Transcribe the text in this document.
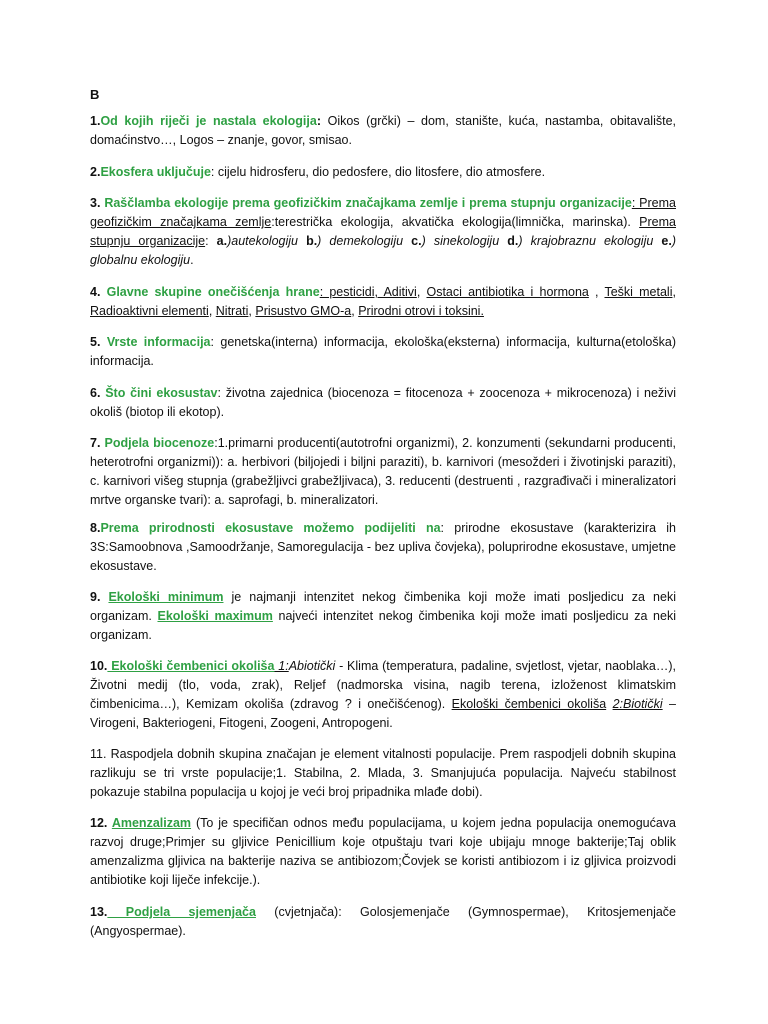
B

1.Od kojih riječi je nastala ekologija: Oikos (grčki) – dom, stanište, kuća, nastamba, obitavalište, domaćinstvo…, Logos – znanje, govor, smisao.

2.Ekosfera uključuje: cijelu hidrosferu, dio pedosfere, dio litosfere, dio atmosfere.

3. Raščlamba ekologije prema geofizičkim značajkama zemlje i prema stupnju organizacije: Prema geofizičkim značajkama zemlje:terestrička ekologija, akvatička ekologija(limnička, marinska). Prema stupnju organizacije: a.)autekologiju b.) demekologiju c.) sinekologiju d.) krajobraznu ekologiju e.) globalnu ekologiju.

4. Glavne skupine onečišćenja hrane: pesticidi, Aditivi, Ostaci antibiotika i hormona , Teški metali, Radioaktivni elementi, Nitrati, Prisustvo GMO-a, Prirodni otrovi i toksini.

5. Vrste informacija: genetska(interna) informacija, ekološka(eksterna) informacija, kulturna(etološka) informacija.

6. Što čini ekosustav: životna zajednica (biocenoza = fitocenoza + zoocenoza + mikrocenoza) i neživi okoliš (biotop ili ekotop).

7. Podjela biocenoze:1.primarni producenti(autotrofni organizmi), 2. konzumenti (sekundarni producenti, heterotrofni organizmi)): a. herbivori (biljojedi i biljni paraziti), b. karnivori (mesožderi i životinjski paraziti), c. karnivori višeg stupnja (grabežljivci grabežljivaca), 3. reducenti (destruenti , razgrađivači i mineralizatori mrtve organske tvari): a. saprofagi, b. mineralizatori.

8.Prema prirodnosti ekosustave možemo podijeliti na: prirodne ekosustave (karakterizira ih 3S:Samoobnova ,Samoodržanje, Samoregulacija - bez upliva čovjeka), poluprirodne ekosustave, umjetne ekosustave.

9. Ekološki minimum je najmanji intenzitet nekog čimbenika koji može imati posljedicu za neki organizam. Ekološki maximum najveći intenzitet nekog čimbenika koji može imati posljedicu za neki organizam.

10. Ekološki čembenici okoliša 1:Abiotički - Klima (temperatura, padaline, svjetlost, vjetar, naoblaka…), Životni medij (tlo, voda, zrak), Reljef (nadmorska visina, nagib terena, izloženost klimatskim čimbenicima…), Kemizam okoliša (zdravog ? i onečišćenog). Ekološki čembenici okoliša 2:Biotički – Virogeni, Bakteriogeni, Fitogeni, Zoogeni, Antropogeni.

11. Raspodjela dobnih skupina značajan je element vitalnosti populacije. Prem raspodjeli dobnih skupina razlikuju se tri vrste populacije;1. Stabilna, 2. Mlada, 3. Smanjujuća populacija. Najveću stabilnost pokazuje stabilna populacija u kojoj je veći broj pripadnika mlađe dobi).

12. Amenzalizam (To je specifičan odnos među populacijama, u kojem jedna populacija onemogućava razvoj druge;Primjer su gljivice Penicillium koje otpuštaju tvari koje ubijaju mnoge bakterije;Taj oblik amenzalizma gljivica na bakterije naziva se antibiozom;Čovjek se koristi antibiozom i iz gljivica proizvodi antibiotike koji liječe infekcije.).

13. Podjela sjemenjača (cvjetnjača): Golosjemenjače (Gymnospermae), Kritosjemenjače (Angyospermae).
